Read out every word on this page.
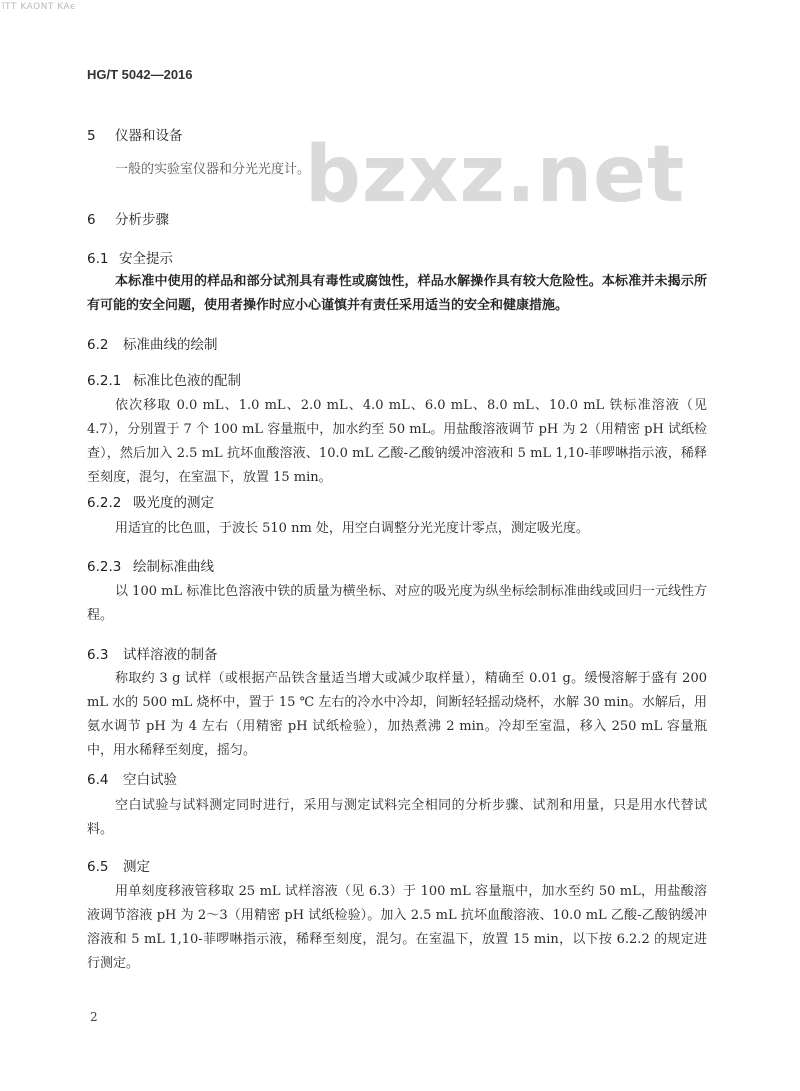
ǐTТ KAONТ KAє
HG/T 5042—2016
bzxz.net
5 仪器和设备
一般的实验室仪器和分光光度计。
6 分析步骤
6.1 安全提示
本标准中使用的样品和部分试剂具有毒性或腐蚀性，样品水解操作具有较大危险性。本标准并未揭示所有可能的安全问题，使用者操作时应小心谨慎并有责任采用适当的安全和健康措施。
6.2 标准曲线的绘制
6.2.1 标准比色液的配制
依次移取 0.0 mL、1.0 mL、2.0 mL、4.0 mL、6.0 mL、8.0 mL、10.0 mL 铁标准溶液（见 4.7），分别置于 7 个 100 mL 容量瓶中，加水约至 50 mL。用盐酸溶液调节 pH 为 2（用精密 pH 试纸检查），然后加入 2.5 mL 抗坏血酸溶液、10.0 mL 乙酸-乙酸钠缓冲溶液和 5 mL 1,10-菲啰啉指示液，稀释至刻度，混匀，在室温下，放置 15 min。
6.2.2 吸光度的测定
用适宜的比色皿，于波长 510 nm 处，用空白调整分光光度计零点，测定吸光度。
6.2.3 绘制标准曲线
以 100 mL 标准比色溶液中铁的质量为横坐标、对应的吸光度为纵坐标绘制标准曲线或回归一元线性方程。
6.3 试样溶液的制备
称取约 3 g 试样（或根据产品铁含量适当增大或减少取样量），精确至 0.01 g。缓慢溶解于盛有 200 mL 水的 500 mL 烧杯中，置于 15 ℃ 左右的冷水中冷却，间断轻轻摇动烧杯，水解 30 min。水解后，用氨水调节 pH 为 4 左右（用精密 pH 试纸检验），加热煮沸 2 min。冷却至室温，移入 250 mL 容量瓶中，用水稀释至刻度，摇匀。
6.4 空白试验
空白试验与试料测定同时进行，采用与测定试料完全相同的分析步骤、试剂和用量，只是用水代替试料。
6.5 测定
用单刻度移液管移取 25 mL 试样溶液（见 6.3）于 100 mL 容量瓶中，加水至约 50 mL，用盐酸溶液调节溶液 pH 为 2～3（用精密 pH 试纸检验）。加入 2.5 mL 抗坏血酸溶液、10.0 mL 乙酸-乙酸钠缓冲溶液和 5 mL 1,10-菲啰啉指示液，稀释至刻度，混匀。在室温下，放置 15 min，以下按 6.2.2 的规定进行测定。
2
